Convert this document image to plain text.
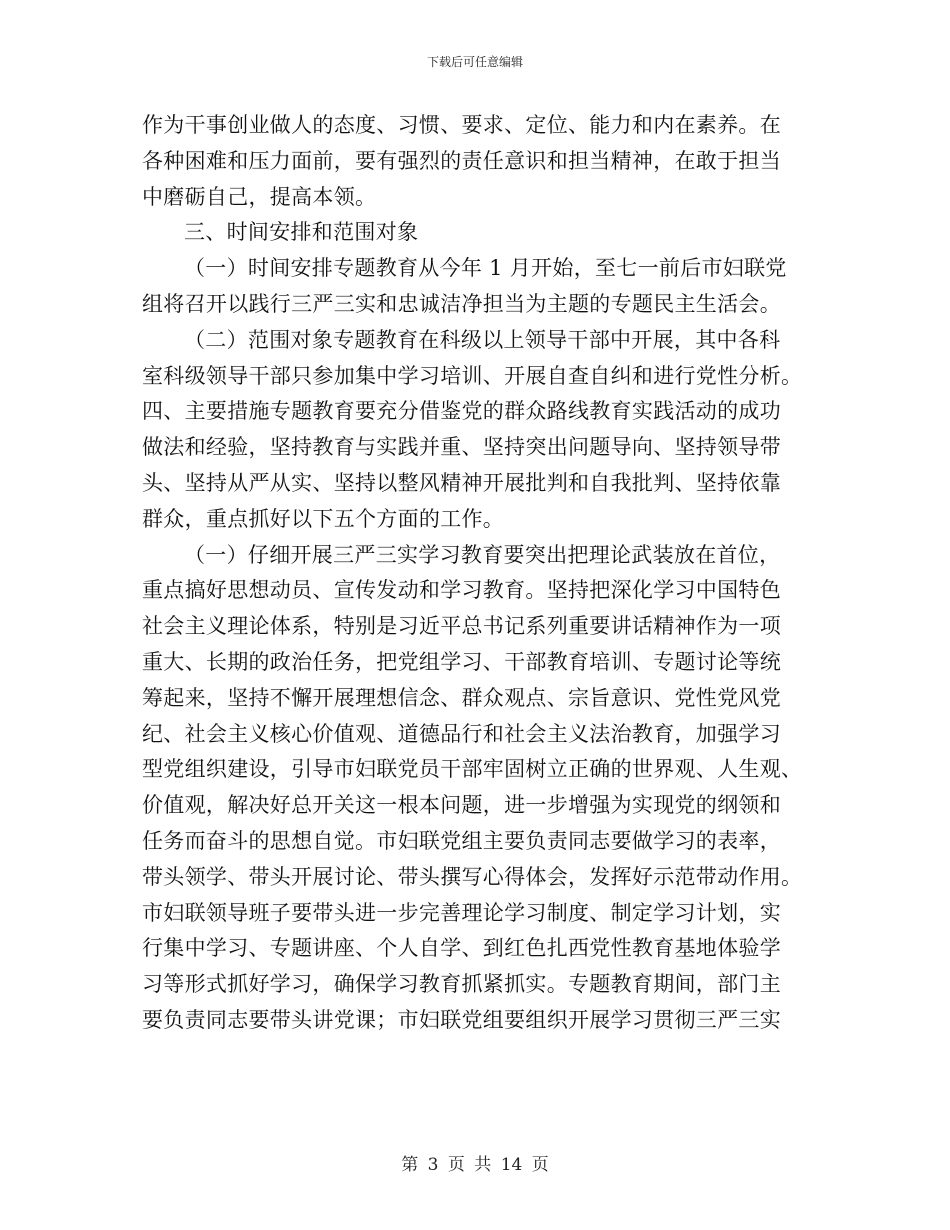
下载后可任意编辑
作为干事创业做人的态度、习惯、要求、定位、能力和内在素养。在
各种困难和压力面前，要有强烈的责任意识和担当精神，在敢于担当
中磨砺自己，提高本领。
三、时间安排和范围对象
（一）时间安排专题教育从今年 1 月开始，至七一前后市妇联党
组将召开以践行三严三实和忠诚洁净担当为主题的专题民主生活会。
（二）范围对象专题教育在科级以上领导干部中开展，其中各科
室科级领导干部只参加集中学习培训、开展自查自纠和进行党性分析。
四、主要措施专题教育要充分借鉴党的群众路线教育实践活动的成功
做法和经验，坚持教育与实践并重、坚持突出问题导向、坚持领导带
头、坚持从严从实、坚持以整风精神开展批判和自我批判、坚持依靠
群众，重点抓好以下五个方面的工作。
（一）仔细开展三严三实学习教育要突出把理论武装放在首位，
重点搞好思想动员、宣传发动和学习教育。坚持把深化学习中国特色
社会主义理论体系，特别是习近平总书记系列重要讲话精神作为一项
重大、长期的政治任务，把党组学习、干部教育培训、专题讨论等统
筹起来，坚持不懈开展理想信念、群众观点、宗旨意识、党性党风党
纪、社会主义核心价值观、道德品行和社会主义法治教育，加强学习
型党组织建设，引导市妇联党员干部牢固树立正确的世界观、人生观、
价值观，解决好总开关这一根本问题，进一步增强为实现党的纲领和
任务而奋斗的思想自觉。市妇联党组主要负责同志要做学习的表率，
带头领学、带头开展讨论、带头撰写心得体会，发挥好示范带动作用。
市妇联领导班子要带头进一步完善理论学习制度、制定学习计划，实
行集中学习、专题讲座、个人自学、到红色扎西党性教育基地体验学
习等形式抓好学习，确保学习教育抓紧抓实。专题教育期间，部门主
要负责同志要带头讲党课；市妇联党组要组织开展学习贯彻三严三实
第 3 页 共 14 页
